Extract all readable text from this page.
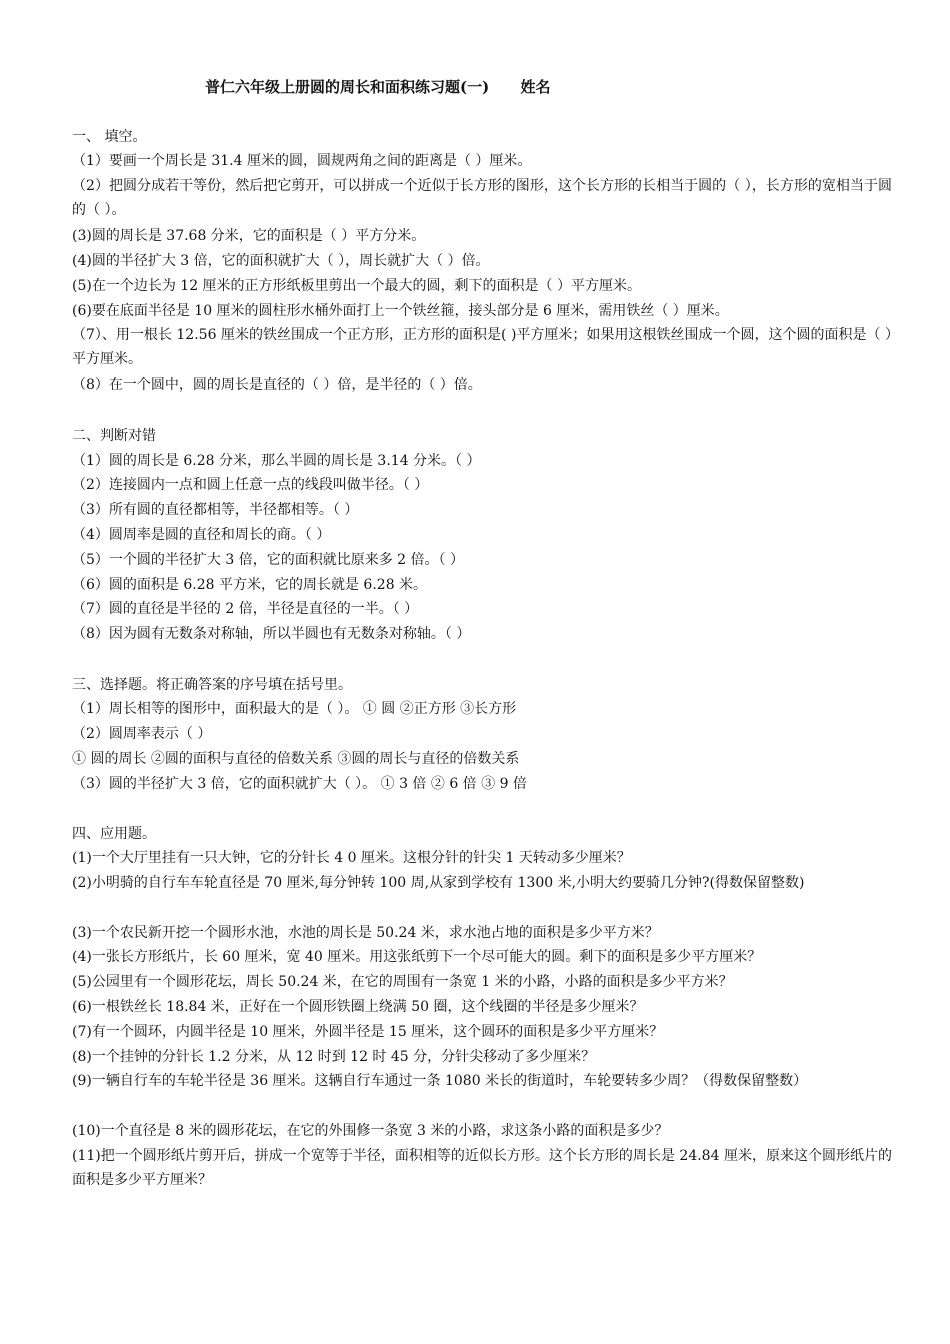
普仁六年级上册圆的周长和面积练习题(一)      姓名
一、 填空。
（1）要画一个周长是 31.4 厘米的圆，圆规两角之间的距离是（ ）厘米。
（2）把圆分成若干等份，然后把它剪开，可以拼成一个近似于长方形的图形，这个长方形的长相当于圆的（ ），长方形的宽相当于圆的（ ）。
(3)圆的周长是 37.68 分米，它的面积是（ ）平方分米。
(4)圆的半径扩大 3 倍，它的面积就扩大（ ），周长就扩大（ ）倍。
(5)在一个边长为 12 厘米的正方形纸板里剪出一个最大的圆，剩下的面积是（ ）平方厘米。
(6)要在底面半径是 10 厘米的圆柱形水桶外面打上一个铁丝箍，接头部分是 6 厘米，需用铁丝（ ）厘米。
（7）、用一根长 12.56 厘米的铁丝围成一个正方形，正方形的面积是( )平方厘米；如果用这根铁丝围成一个圆，这个圆的面积是（ ）平方厘米。
（8）在一个圆中，圆的周长是直径的（ ）倍，是半径的（ ）倍。
二、判断对错
（1）圆的周长是 6.28 分米，那么半圆的周长是 3.14 分米。（ ）
（2）连接圆内一点和圆上任意一点的线段叫做半径。（ ）
（3）所有圆的直径都相等，半径都相等。（ ）
（4）圆周率是圆的直径和周长的商。（ ）
（5）一个圆的半径扩大 3 倍，它的面积就比原来多 2 倍。（ ）
（6）圆的面积是 6.28 平方米，它的周长就是 6.28 米。
（7）圆的直径是半径的 2 倍，半径是直径的一半。（ ）
（8）因为圆有无数条对称轴，所以半圆也有无数条对称轴。（ ）
三、选择题。将正确答案的序号填在括号里。
（1）周长相等的图形中，面积最大的是（ ）。 ① 圆 ②正方形 ③长方形
（2）圆周率表示（ ）
① 圆的周长 ②圆的面积与直径的倍数关系 ③圆的周长与直径的倍数关系
（3）圆的半径扩大 3 倍，它的面积就扩大（ ）。 ① 3 倍 ② 6 倍 ③ 9 倍
四、应用题。
(1)一个大厅里挂有一只大钟，它的分针长 4 0 厘米。这根分针的针尖 1 天转动多少厘米？
(2)小明骑的自行车车轮直径是 70 厘米,每分钟转 100 周,从家到学校有 1300 米,小明大约要骑几分钟?(得数保留整数)
(3)一个农民新开挖一个圆形水池，水池的周长是 50.24 米，求水池占地的面积是多少平方米？
(4)一张长方形纸片，长 60 厘米，宽 40 厘米。用这张纸剪下一个尽可能大的圆。剩下的面积是多少平方厘米？
(5)公园里有一个圆形花坛，周长 50.24 米，在它的周围有一条宽 1 米的小路，小路的面积是多少平方米？
(6)一根铁丝长 18.84 米，正好在一个圆形铁圈上绕满 50 圈，这个线圈的半径是多少厘米？
(7)有一个圆环，内圆半径是 10 厘米，外圆半径是 15 厘米，这个圆环的面积是多少平方厘米？
(8)一个挂钟的分针长 1.2 分米，从 12 时到 12 时 45 分，分针尖移动了多少厘米？
(9)一辆自行车的车轮半径是 36 厘米。这辆自行车通过一条 1080 米长的街道时，车轮要转多少周？（得数保留整数）
(10)一个直径是 8 米的圆形花坛，在它的外围修一条宽 3 米的小路，求这条小路的面积是多少？
(11)把一个圆形纸片剪开后，拼成一个宽等于半径，面积相等的近似长方形。这个长方形的周长是 24.84 厘米，原来这个圆形纸片的面积是多少平方厘米？
